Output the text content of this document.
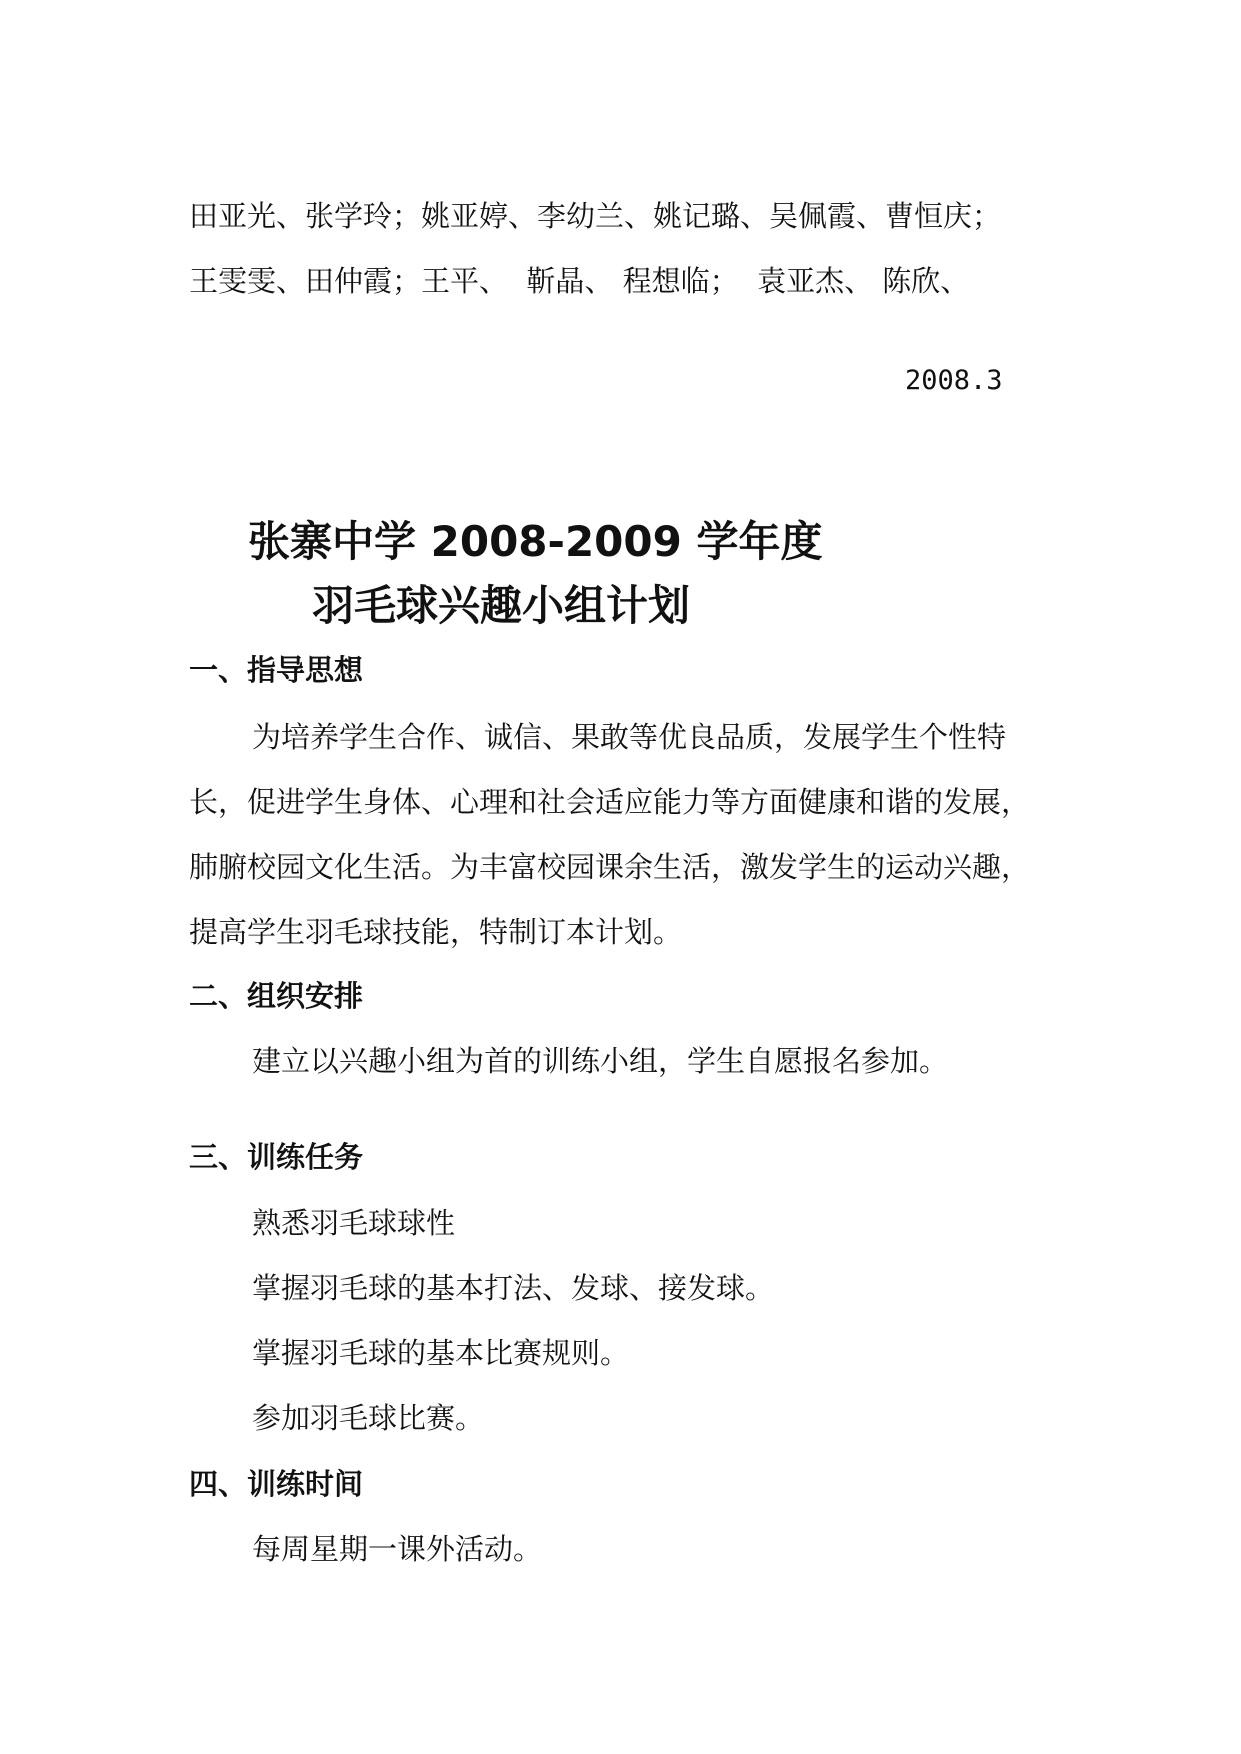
田亚光、张学玲；姚亚婷、李幼兰、姚记璐、吴佩霞、曹恒庆；
王雯雯、田仲霞；王平、  靳晶、 程想临；  袁亚杰、 陈欣、
2008.3
张寨中学 2008-2009 学年度
羽毛球兴趣小组计划
一、指导思想
为培养学生合作、诚信、果敢等优良品质，发展学生个性特
长，促进学生身体、心理和社会适应能力等方面健康和谐的发展，
肺腑校园文化生活。为丰富校园课余生活，激发学生的运动兴趣，
提高学生羽毛球技能，特制订本计划。
二、组织安排
建立以兴趣小组为首的训练小组，学生自愿报名参加。
三、训练任务
熟悉羽毛球球性
掌握羽毛球的基本打法、发球、接发球。
掌握羽毛球的基本比赛规则。
参加羽毛球比赛。
四、训练时间
每周星期一课外活动。
